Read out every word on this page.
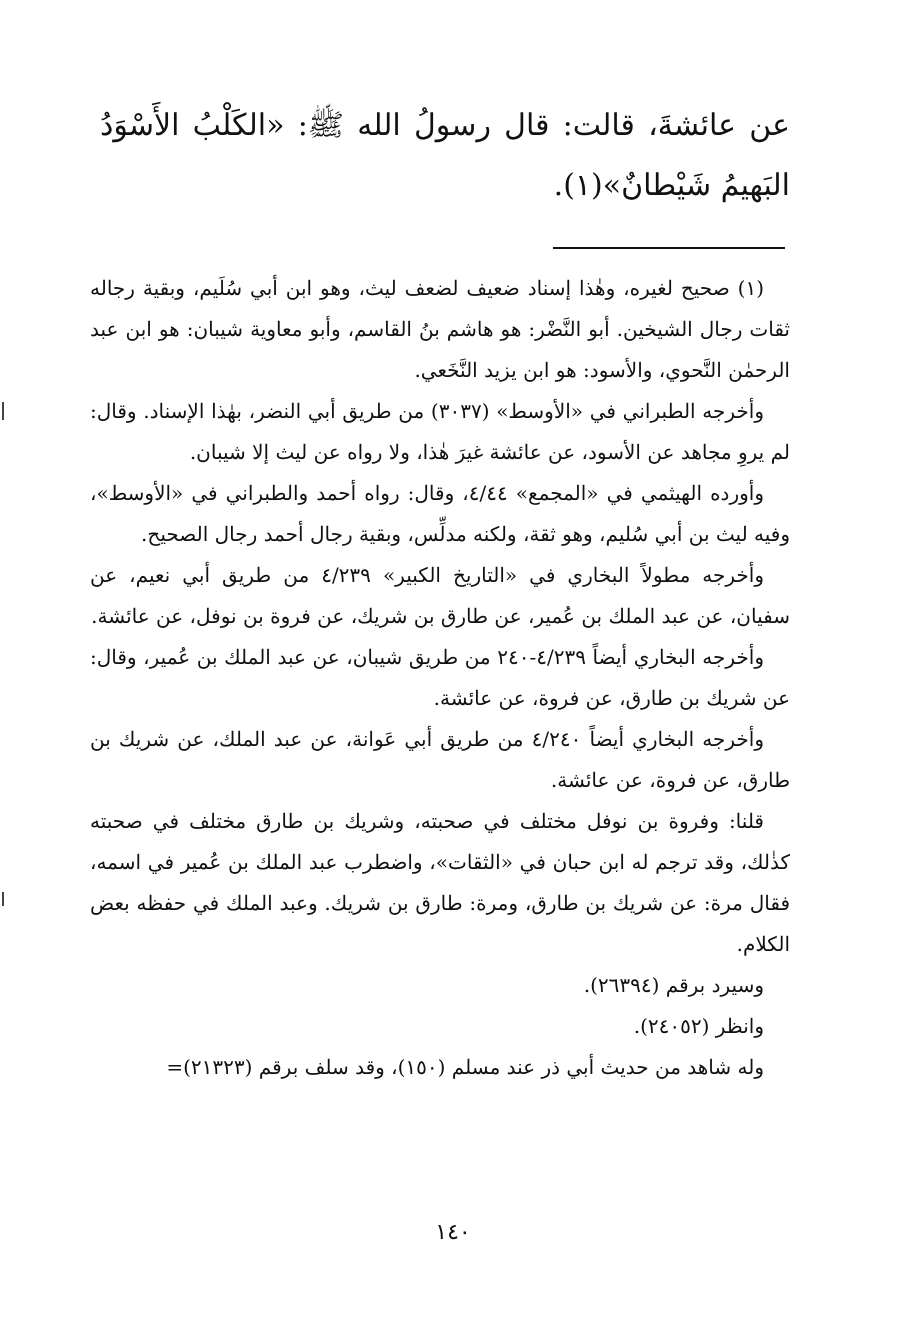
عن عائشةَ، قالت: قال رسولُ الله ﷺ: «الكَلْبُ الأَسْوَدُ البَهيمُ شَيْطانٌ»(١).

(١) صحيح لغيره، وهٰذا إسناد ضعيف لضعف ليث، وهو ابن أبي سُلَيم، وبقية رجاله ثقات رجال الشيخين. أبو النَّضْر: هو هاشم بنُ القاسم، وأبو معاوية شيبان: هو ابن عبد الرحمٰن النَّحوي، والأسود: هو ابن يزيد النَّخَعي.

وأخرجه الطبراني في «الأوسط» (٣٠٣٧) من طريق أبي النضر، بهٰذا الإسناد. وقال: لم يروِ مجاهد عن الأسود، عن عائشة غيرَ هٰذا، ولا رواه عن ليث إلا شيبان.

وأورده الهيثمي في «المجمع» ٤/٤٤، وقال: رواه أحمد والطبراني في «الأوسط»، وفيه ليث بن أبي سُليم، وهو ثقة، ولكنه مدلِّس، وبقية رجال أحمد رجال الصحيح.

وأخرجه مطولاً البخاري في «التاريخ الكبير» ٤/٢٣٩ من طريق أبي نعيم، عن سفيان، عن عبد الملك بن عُمير، عن طارق بن شريك، عن فروة بن نوفل، عن عائشة.

وأخرجه البخاري أيضاً ٤/٢٣٩-٢٤٠ من طريق شيبان، عن عبد الملك بن عُمير، وقال: عن شريك بن طارق، عن فروة، عن عائشة.

وأخرجه البخاري أيضاً ٤/٢٤٠ من طريق أبي عَوانة، عن عبد الملك، عن شريك بن طارق، عن فروة، عن عائشة.

قلنا: وفروة بن نوفل مختلف في صحبته، وشريك بن طارق مختلف في صحبته كذٰلك، وقد ترجم له ابن حبان في «الثقات»، واضطرب عبد الملك بن عُمير في اسمه، فقال مرة: عن شريك بن طارق، ومرة: طارق بن شريك. وعبد الملك في حفظه بعض الكلام.

وسيرد برقم (٢٦٣٩٤).

وانظر (٢٤٠٥٢).

وله شاهد من حديث أبي ذر عند مسلم (١٥٠)، وقد سلف برقم (٢١٣٢٣)=

١٤٠
